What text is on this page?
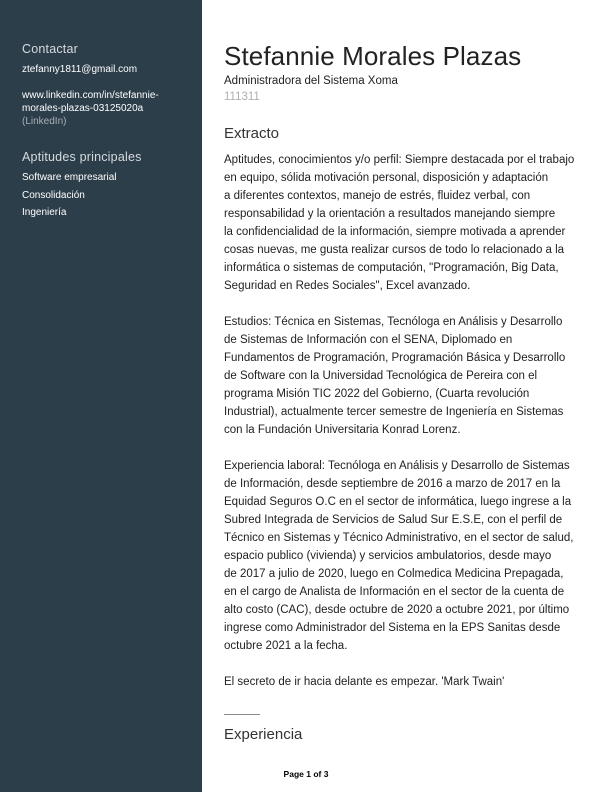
Contactar
ztefanny1811@gmail.com
www.linkedin.com/in/stefannie-
morales-plazas-03125020a
(LinkedIn)
Aptitudes principales
Software empresarial
Consolidación
Ingeniería
Stefannie Morales Plazas
Administradora del Sistema Xoma
111311
Extracto
Aptitudes, conocimientos y/o perfil: Siempre destacada por el trabajo
en equipo, sólida motivación personal, disposición y adaptación
a diferentes contextos, manejo de estrés, fluidez verbal, con
responsabilidad y la orientación a resultados manejando siempre
la confidencialidad de la información, siempre motivada a aprender
cosas nuevas, me gusta realizar cursos de todo lo relacionado a la
informática o sistemas de computación, "Programación, Big Data,
Seguridad en Redes Sociales", Excel avanzado.
Estudios: Técnica en Sistemas, Tecnóloga en Análisis y Desarrollo
de Sistemas de Información con el SENA, Diplomado en
Fundamentos de Programación, Programación Básica y Desarrollo
de Software con la Universidad Tecnológica de Pereira con el
programa Misión TIC 2022 del Gobierno, (Cuarta revolución
Industrial), actualmente tercer semestre de Ingeniería en Sistemas
con la Fundación Universitaria Konrad Lorenz.
Experiencia laboral: Tecnóloga en Análisis y Desarrollo de Sistemas
de Información, desde septiembre de 2016 a marzo de 2017 en la
Equidad Seguros O.C en el sector de informática, luego ingrese a la
Subred Integrada de Servicios de Salud Sur E.S.E, con el perfil de
Técnico en Sistemas y Técnico Administrativo, en el sector de salud,
espacio publico (vivienda) y servicios ambulatorios, desde mayo
de 2017 a julio de 2020, luego en Colmedica Medicina Prepagada,
en el cargo de Analista de Información en el sector de la cuenta de
alto costo (CAC), desde octubre de 2020 a octubre 2021, por último
ingrese como Administrador del Sistema en la EPS Sanitas desde
octubre 2021 a la fecha.
El secreto de ir hacia delante es empezar. 'Mark Twain'
Experiencia
Page 1 of 3
